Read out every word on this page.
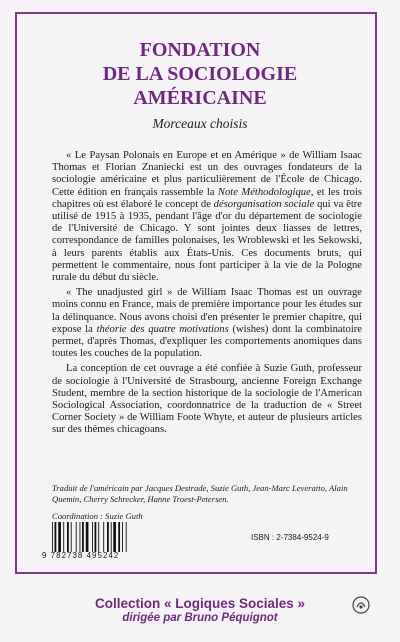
FONDATION
DE LA SOCIOLOGIE
AMÉRICAINE
Morceaux choisis

« Le Paysan Polonais en Europe et en Amérique » de William Isaac Thomas et Florian Znaniecki est un des ouvrages fondateurs de la sociologie américaine et plus particulièrement de l'École de Chicago. Cette édition en français rassemble la Note Méthodologique, et les trois chapitres où est élaboré le concept de désorganisation sociale qui va être utilisé de 1915 à 1935, pendant l'âge d'or du département de sociologie de l'Université de Chicago. Y sont jointes deux liasses de lettres, correspondance de familles polonaises, les Wroblewski et les Sekowski, à leurs parents établis aux États-Unis. Ces documents bruts, qui permettent le commentaire, nous font participer à la vie de la Pologne rurale du début du siècle.

« The unadjusted girl » de William Isaac Thomas est un ouvrage moins connu en France, mais de première importance pour les études sur la délinquance. Nous avons choisi d'en présenter le premier chapitre, qui expose la théorie des quatre motivations (wishes) dont la combinatoire permet, d'après Thomas, d'expliquer les comportements anomiques dans toutes les couches de la population.

La conception de cet ouvrage a été confiée à Suzie Guth, professeur de sociologie à l'Université de Strasbourg, ancienne Foreign Exchange Student, membre de la section historique de la sociologie de l'American Sociological Association, coordonnatrice de la traduction de « Street Corner Society » de William Foote Whyte, et auteur de plusieurs articles sur des thèmes chicagoans.

Traduit de l'américain par Jacques Destrade, Suzie Guth, Jean-Marc Leveratto, Alain Quemin, Cherry Schrecker, Hanne Troest-Petersen.

Coordination : Suzie Guth

9 782738 495242
ISBN : 2-7384-9524-9
Collection « Logiques Sociales »
dirigée par Bruno Péquignot
